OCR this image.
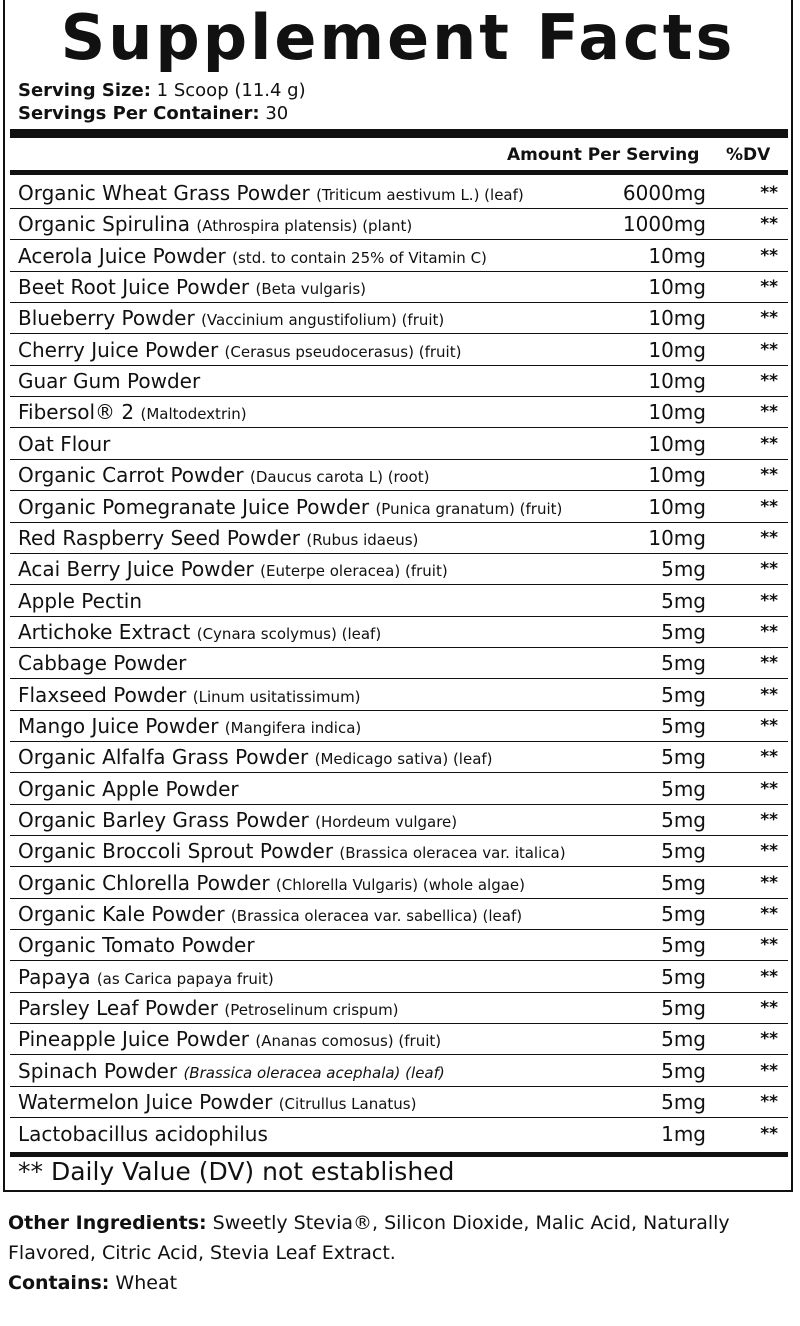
Supplement Facts
Serving Size: 1 Scoop (11.4 g)
Servings Per Container: 30
Amount Per Serving %DV
Organic Wheat Grass Powder (Triticum aestivum L.) (leaf)	6000mg	**
Organic Spirulina (Athrospira platensis) (plant)	1000mg	**
Acerola Juice Powder (std. to contain 25% of Vitamin C)	10mg	**
Beet Root Juice Powder (Beta vulgaris)	10mg	**
Blueberry Powder (Vaccinium angustifolium) (fruit)	10mg	**
Cherry Juice Powder (Cerasus pseudocerasus) (fruit)	10mg	**
Guar Gum Powder	10mg	**
Fibersol® 2 (Maltodextrin)	10mg	**
Oat Flour	10mg	**
Organic Carrot Powder (Daucus carota L) (root)	10mg	**
Organic Pomegranate Juice Powder (Punica granatum) (fruit)	10mg	**
Red Raspberry Seed Powder (Rubus idaeus)	10mg	**
Acai Berry Juice Powder (Euterpe oleracea) (fruit)	5mg	**
Apple Pectin	5mg	**
Artichoke Extract (Cynara scolymus) (leaf)	5mg	**
Cabbage Powder	5mg	**
Flaxseed Powder (Linum usitatissimum)	5mg	**
Mango Juice Powder (Mangifera indica)	5mg	**
Organic Alfalfa Grass Powder (Medicago sativa) (leaf)	5mg	**
Organic Apple Powder	5mg	**
Organic Barley Grass Powder (Hordeum vulgare)	5mg	**
Organic Broccoli Sprout Powder (Brassica oleracea var. italica)	5mg	**
Organic Chlorella Powder (Chlorella Vulgaris) (whole algae)	5mg	**
Organic Kale Powder (Brassica oleracea var. sabellica) (leaf)	5mg	**
Organic Tomato Powder	5mg	**
Papaya (as Carica papaya fruit)	5mg	**
Parsley Leaf Powder (Petroselinum crispum)	5mg	**
Pineapple Juice Powder (Ananas comosus) (fruit)	5mg	**
Spinach Powder (Brassica oleracea acephala) (leaf)	5mg	**
Watermelon Juice Powder (Citrullus Lanatus)	5mg	**
Lactobacillus acidophilus	1mg	**
** Daily Value (DV) not established
Other Ingredients: Sweetly Stevia®, Silicon Dioxide, Malic Acid, Naturally Flavored, Citric Acid, Stevia Leaf Extract.
Contains: Wheat
